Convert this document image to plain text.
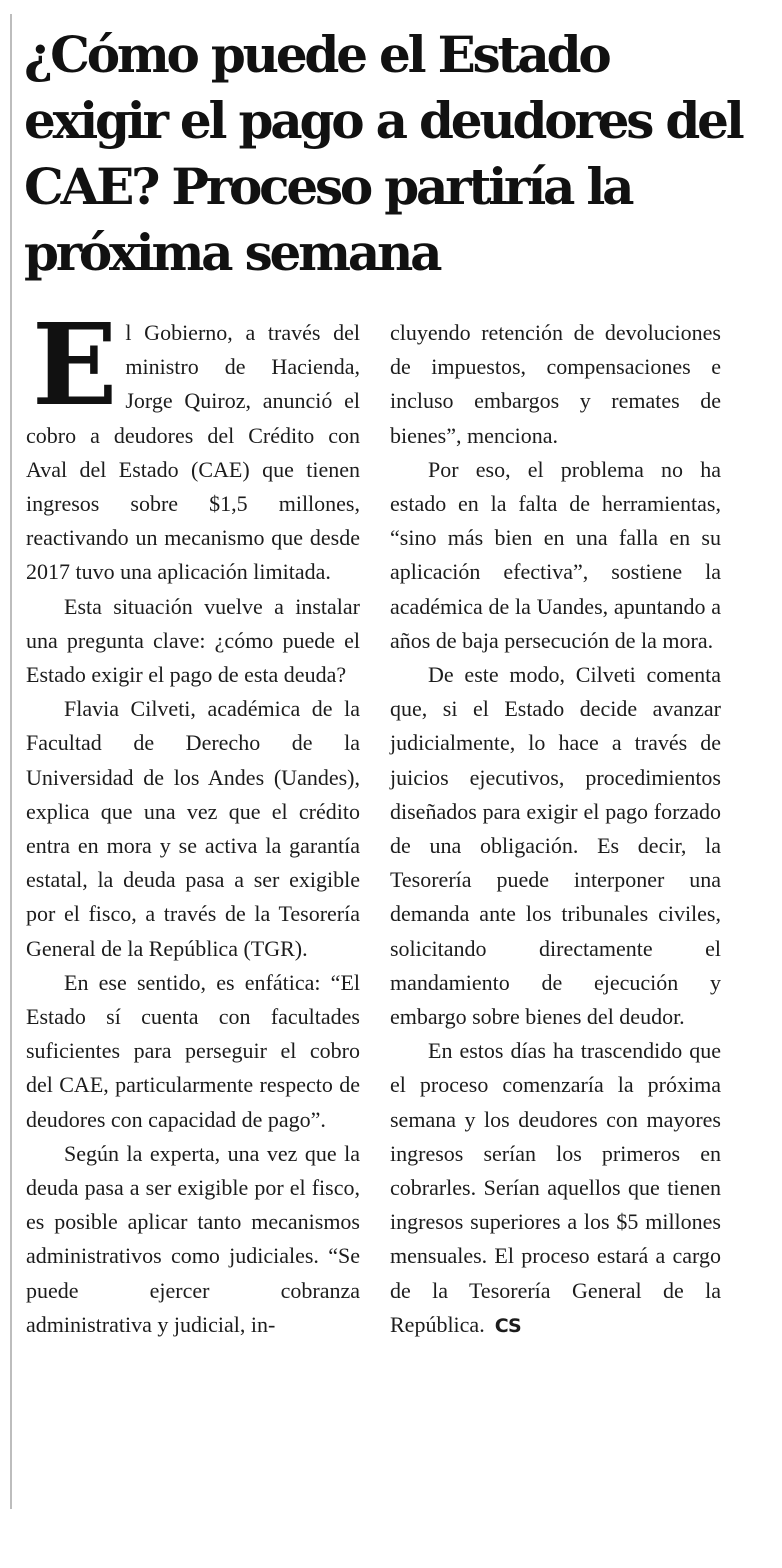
¿Cómo puede el Estado exigir el pago a deudores del CAE? Proceso partiría la próxima semana

El Gobierno, a través del ministro de Hacienda, Jorge Quiroz, anunció el cobro a deudores del Crédito con Aval del Estado (CAE) que tienen ingresos sobre $1,5 millones, reactivando un mecanismo que desde 2017 tuvo una aplicación limitada.

Esta situación vuelve a instalar una pregunta clave: ¿cómo puede el Estado exigir el pago de esta deuda?

Flavia Cilveti, académica de la Facultad de Derecho de la Universidad de los Andes (Uandes), explica que una vez que el crédito entra en mora y se activa la garantía estatal, la deuda pasa a ser exigible por el fisco, a través de la Tesorería General de la República (TGR).

En ese sentido, es enfática: “El Estado sí cuenta con facultades suficientes para perseguir el cobro del CAE, particularmente respecto de deudores con capacidad de pago”.

Según la experta, una vez que la deuda pasa a ser exigible por el fisco, es posible aplicar tanto mecanismos administrativos como judiciales. “Se puede ejercer cobranza administrativa y judicial, in-

cluyendo retención de devoluciones de impuestos, compensaciones e incluso embargos y remates de bienes”, menciona.

Por eso, el problema no ha estado en la falta de herramientas, “sino más bien en una falla en su aplicación efectiva”, sostiene la académica de la Uandes, apuntando a años de baja persecución de la mora.

De este modo, Cilveti comenta que, si el Estado decide avanzar judicialmente, lo hace a través de juicios ejecutivos, procedimientos diseñados para exigir el pago forzado de una obligación. Es decir, la Tesorería puede interponer una demanda ante los tribunales civiles, solicitando directamente el mandamiento de ejecución y embargo sobre bienes del deudor.

En estos días ha trascendido que el proceso comenzaría la próxima semana y los deudores con mayores ingresos serían los primeros en cobrarles. Serían aquellos que tienen ingresos superiores a los $5 millones mensuales. El proceso estará a cargo de la Tesorería General de la República. CS
